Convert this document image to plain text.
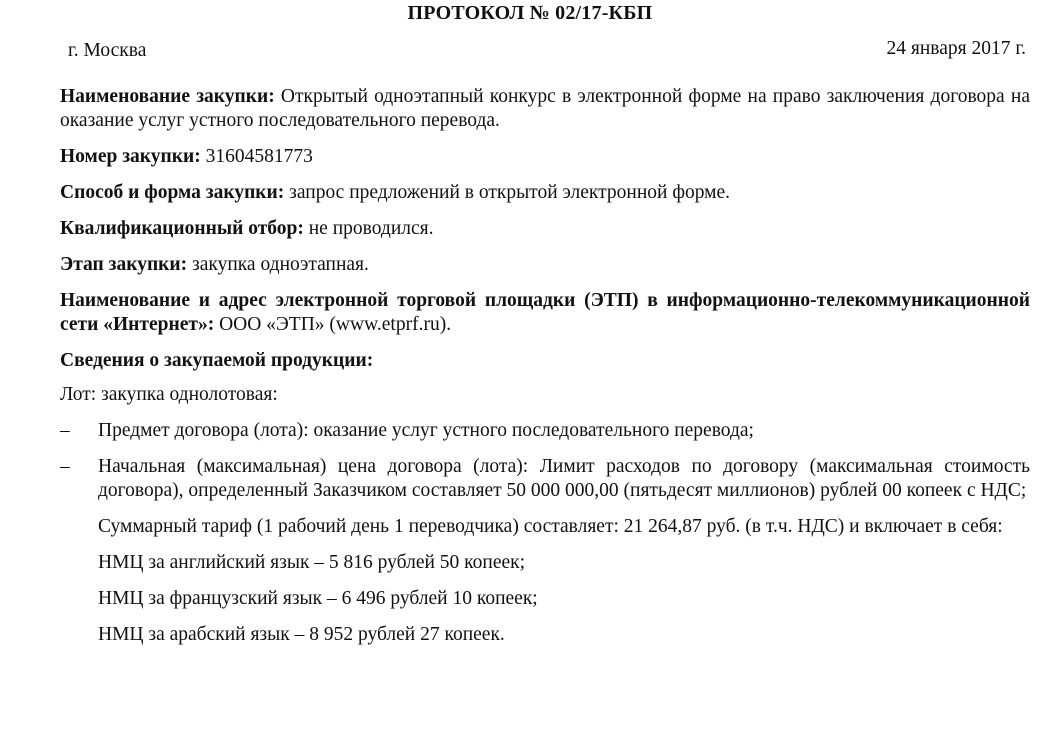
ПРОТОКОЛ № 02/17-КБП
г. Москва	24 января 2017 г.

Наименование закупки: Открытый одноэтапный конкурс в электронной форме на право заключения договора на оказание услуг устного последовательного перевода.

Номер закупки: 31604581773

Способ и форма закупки: запрос предложений в открытой электронной форме.

Квалификационный отбор: не проводился.

Этап закупки: закупка одноэтапная.

Наименование и адрес электронной торговой площадки (ЭТП) в информационно-телекоммуникационной сети «Интернет»: ООО «ЭТП» (www.etprf.ru).

Сведения о закупаемой продукции:

Лот: закупка однолотовая:

–	Предмет договора (лота): оказание услуг устного последовательного перевода;
–	Начальная (максимальная) цена договора (лота): Лимит расходов по договору (максимальная стоимость договора), определенный Заказчиком составляет 50 000 000,00 (пятьдесят миллионов) рублей 00 копеек с НДС;
Суммарный тариф (1 рабочий день 1 переводчика) составляет: 21 264,87 руб. (в т.ч. НДС) и включает в себя:
НМЦ за английский язык – 5 816 рублей 50 копеек;
НМЦ за французский язык – 6 496 рублей 10 копеек;
НМЦ за арабский язык – 8 952 рублей 27 копеек.
